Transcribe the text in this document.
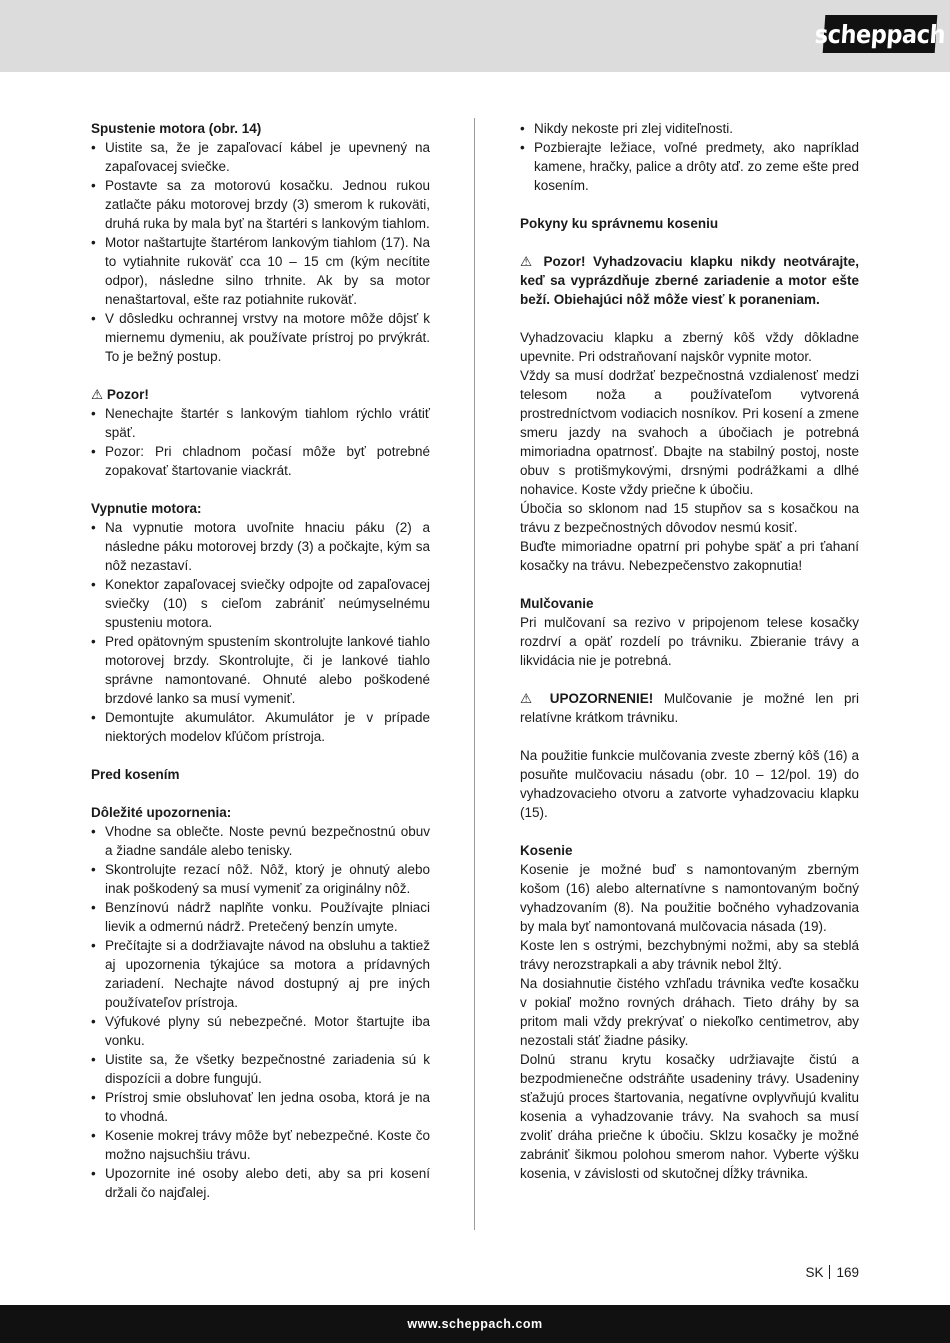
scheppach

Spustenie motora (obr. 14)

• Uistite sa, že je zapaľovací kábel je upevnený na zapaľovacej sviečke.
• Postavte sa za motorovú kosačku. Jednou rukou zatlačte páku motorovej brzdy (3) smerom k rukoväti, druhá ruka by mala byť na štartéri s lankovým tiahlom.
• Motor naštartujte štartérom lankovým tiahlom (17). Na to vytiahnite rukoväť cca 10 – 15 cm (kým necítite odpor), následne silno trhnite. Ak by sa motor nenaštartoval, ešte raz potiahnite rukoväť.
• V dôsledku ochrannej vrstvy na motore môže dôjsť k miernemu dymeniu, ak používate prístroj po prvýkrát. To je bežný postup.

⚠ Pozor!

• Nenechajte štartér s lankovým tiahlom rýchlo vrátiť späť.
• Pozor: Pri chladnom počasí môže byť potrebné zopakovať štartovanie viackrát.

Vypnutie motora:

• Na vypnutie motora uvoľnite hnaciu páku (2) a následne páku motorovej brzdy (3) a počkajte, kým sa nôž nezastaví.
• Konektor zapaľovacej sviečky odpojte od zapaľovacej sviečky (10) s cieľom zabrániť neúmyselnému spusteniu motora.
• Pred opätovným spustením skontrolujte lankové tiahlo motorovej brzdy. Skontrolujte, či je lankové tiahlo správne namontované. Ohnuté alebo poškodené brzdové lanko sa musí vymeniť.
• Demontujte akumulátor. Akumulátor je v prípade niektorých modelov kľúčom prístroja.

Pred kosením

Dôležité upozornenia:

• Vhodne sa oblečte. Noste pevnú bezpečnostnú obuv a žiadne sandále alebo tenisky.
• Skontrolujte rezací nôž. Nôž, ktorý je ohnutý alebo inak poškodený sa musí vymeniť za originálny nôž.
• Benzínovú nádrž naplňte vonku. Používajte plniaci lievik a odmernú nádrž. Pretečený benzín umyte.
• Prečítajte si a dodržiavajte návod na obsluhu a taktiež aj upozornenia týkajúce sa motora a prídavných zariadení. Nechajte návod dostupný aj pre iných používateľov prístroja.
• Výfukové plyny sú nebezpečné. Motor štartujte iba vonku.
• Uistite sa, že všetky bezpečnostné zariadenia sú k dispozícii a dobre fungujú.
• Prístroj smie obsluhovať len jedna osoba, ktorá je na to vhodná.
• Kosenie mokrej trávy môže byť nebezpečné. Koste čo možno najsuchšiu trávu.
• Upozornite iné osoby alebo deti, aby sa pri kosení držali čo najďalej.
• Nikdy nekoste pri zlej viditeľnosti.
• Pozbierajte ležiace, voľné predmety, ako napríklad kamene, hračky, palice a drôty atď. zo zeme ešte pred kosením.

Pokyny ku správnemu koseniu

⚠ Pozor! Vyhadzovaciu klapku nikdy neotvárajte, keď sa vyprázdňuje zberné zariadenie a motor ešte beží. Obiehajúci nôž môže viesť k poraneniam.

Vyhadzovaciu klapku a zberný kôš vždy dôkladne upevnite. Pri odstraňovaní najskôr vypnite motor.

Vždy sa musí dodržať bezpečnostná vzdialenosť medzi telesom noža a používateľom vytvorená prostredníctvom vodiacich nosníkov. Pri kosení a zmene smeru jazdy na svahoch a úbočiach je potrebná mimoriadna opatrnosť. Dbajte na stabilný postoj, noste obuv s protišmykovými, drsnými podrážkami a dlhé nohavice. Koste vždy priečne k úbočiu.

Úbočia so sklonom nad 15 stupňov sa s kosačkou na trávu z bezpečnostných dôvodov nesmú kosiť.

Buďte mimoriadne opatrní pri pohybe späť a pri ťahaní kosačky na trávu. Nebezpečenstvo zakopnutia!

Mulčovanie

Pri mulčovaní sa rezivo v pripojenom telese kosačky rozdrví a opäť rozdelí po trávniku. Zbieranie trávy a likvidácia nie je potrebná.

⚠ UPOZORNENIE! Mulčovanie je možné len pri relatívne krátkom trávniku.

Na použitie funkcie mulčovania zveste zberný kôš (16) a posuňte mulčovaciu násadu (obr. 10 – 12/pol. 19) do vyhadzovacieho otvoru a zatvorte vyhadzovaciu klapku (15).

Kosenie

Kosenie je možné buď s namontovaným zberným košom (16) alebo alternatívne s namontovaným bočný vyhadzovaním (8). Na použitie bočného vyhadzovania by mala byť namontovaná mulčovacia násada (19).

Koste len s ostrými, bezchybnými nožmi, aby sa steblá trávy nerozstrapkali a aby trávnik nebol žltý.

Na dosiahnutie čistého vzhľadu trávnika veďte kosačku v pokiaľ možno rovných dráhach. Tieto dráhy by sa pritom mali vždy prekrývať o niekoľko centimetrov, aby nezostali stáť žiadne pásiky.

Dolnú stranu krytu kosačky udržiavajte čistú a bezpodmienečne odstráňte usadeniny trávy. Usadeniny sťažujú proces štartovania, negatívne ovplyvňujú kvalitu kosenia a vyhadzovanie trávy. Na svahoch sa musí zvoliť dráha priečne k úbočiu. Sklzu kosačky je možné zabrániť šikmou polohou smerom nahor. Vyberte výšku kosenia, v závislosti od skutočnej dĺžky trávnika.

SK 169
www.scheppach.com
